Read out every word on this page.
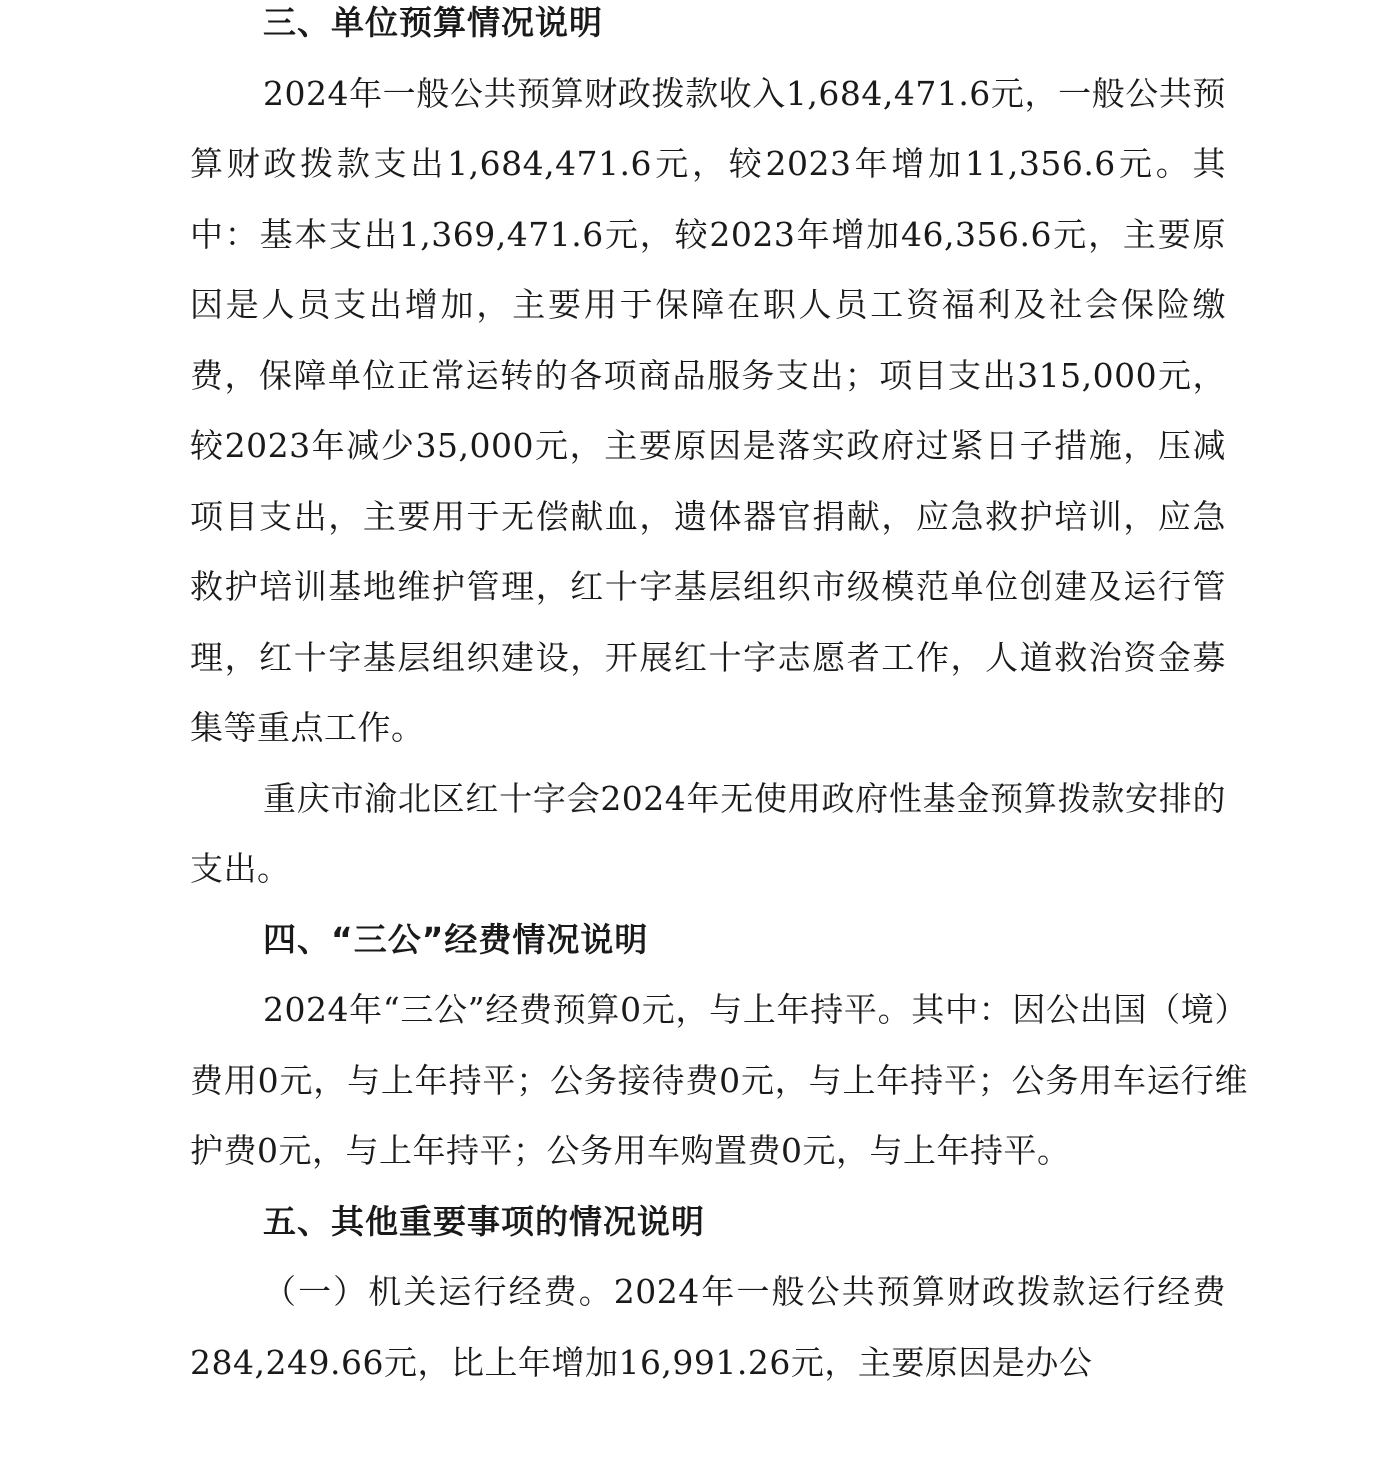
三、单位预算情况说明

2024年一般公共预算财政拨款收入1,684,471.6元，一般公共预算财政拨款支出1,684,471.6元，较2023年增加11,356.6元。其中：基本支出1,369,471.6元，较2023年增加46,356.6元，主要原因是人员支出增加，主要用于保障在职人员工资福利及社会保险缴费，保障单位正常运转的各项商品服务支出；项目支出315,000元，较2023年减少35,000元，主要原因是落实政府过紧日子措施，压减项目支出，主要用于无偿献血，遗体器官捐献，应急救护培训，应急救护培训基地维护管理，红十字基层组织市级模范单位创建及运行管理，红十字基层组织建设，开展红十字志愿者工作，人道救治资金募集等重点工作。

重庆市渝北区红十字会2024年无使用政府性基金预算拨款安排的支出。

四、“三公”经费情况说明

2024年“三公”经费预算0元，与上年持平。其中：因公出国（境）费用0元，与上年持平；公务接待费0元，与上年持平；公务用车运行维护费0元，与上年持平；公务用车购置费0元，与上年持平。

五、其他重要事项的情况说明

（一）机关运行经费。2024年一般公共预算财政拨款运行经费284,249.66元，比上年增加16,991.26元，主要原因是办公
